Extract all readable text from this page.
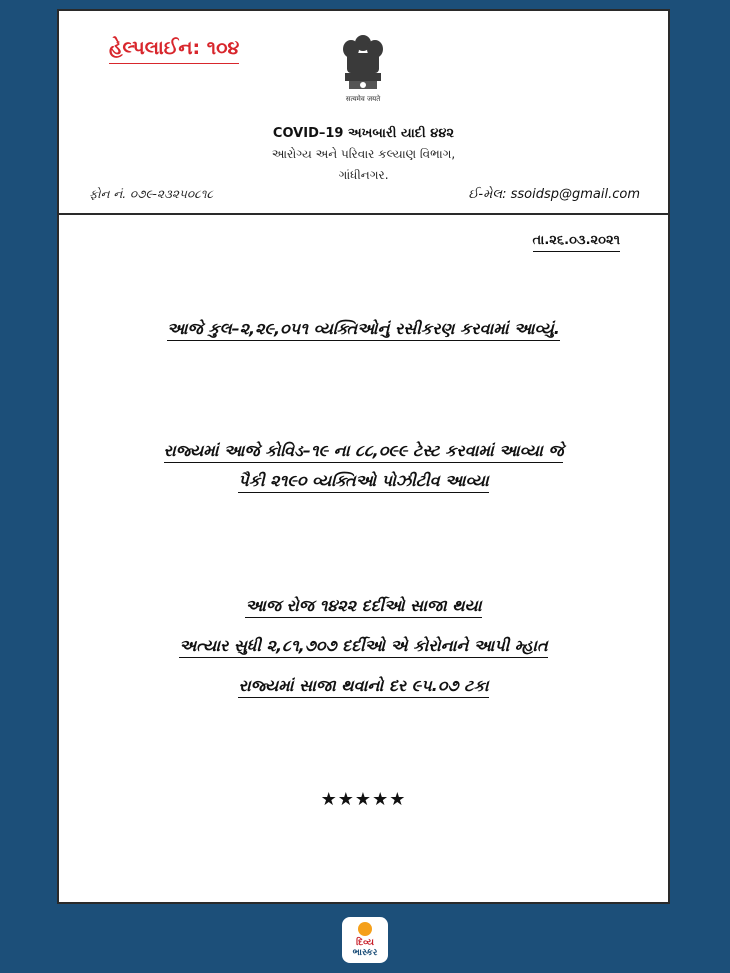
હેલ્પલાઈન: ૧૦૪
सत्यमेव जयते
COVID–19 અખબારી યાદી ૪૪૨
આરોગ્ય અને પરિવાર કલ્યાણ વિભાગ,
ગાંધીનગર.
ફોન નં. ૦૭૯-૨૩૨૫૦૮૧૮	ઈ-મેલ: ssoidsp@gmail.com
તા.૨૬.૦૩.૨૦૨૧
આજે કુલ–૨,૨૯,૦૫૧ વ્યક્તિઓનું રસીકરણ કરવામાં આવ્યું.
રાજ્યમાં આજે કોવિડ–૧૯ ના ૮૮,૦૯૯ ટેસ્ટ કરવામાં આવ્યા જે
પૈકી ૨૧૯૦ વ્યક્તિઓ પોઝીટીવ આવ્યા
આજ રોજ ૧૪૨૨ દર્દીઓ સાજા થયા
અત્યાર સુધી ૨,૮૧,૭૦૭ દર્દીઓ એ કોરોનાને આપી મ્હાત
રાજ્યમાં સાજા થવાનો દર ૯૫.૦૭ ટકા
★★★★★
દિવ્ય
ભાસ્કર
